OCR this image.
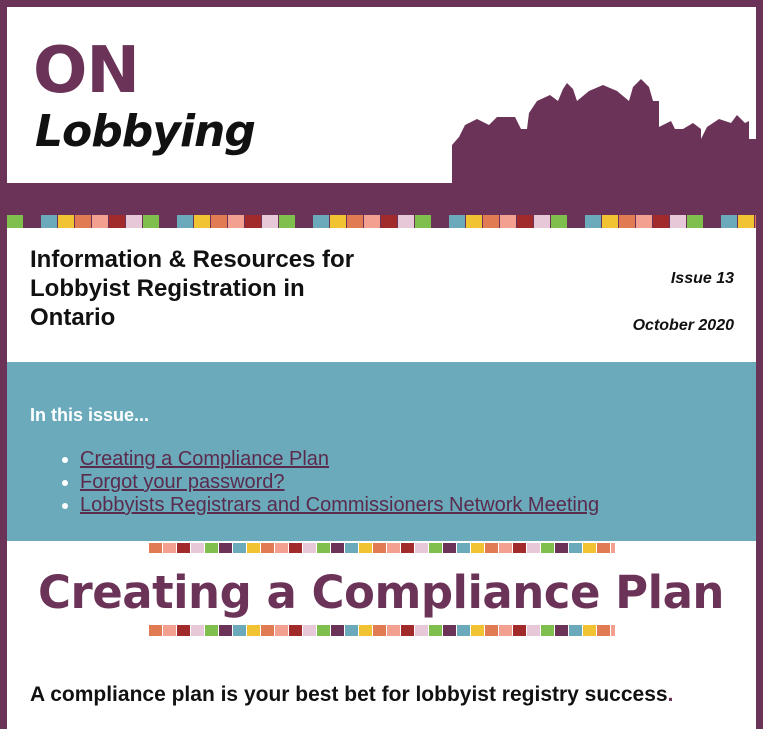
ON
Lobbying
Information & Resources for Lobbyist Registration in Ontario
Issue 13
October 2020
In this issue...
• Creating a Compliance Plan
• Forgot your password?
• Lobbyists Registrars and Commissioners Network Meeting
Creating a Compliance Plan
A compliance plan is your best bet for lobbyist registry success.
